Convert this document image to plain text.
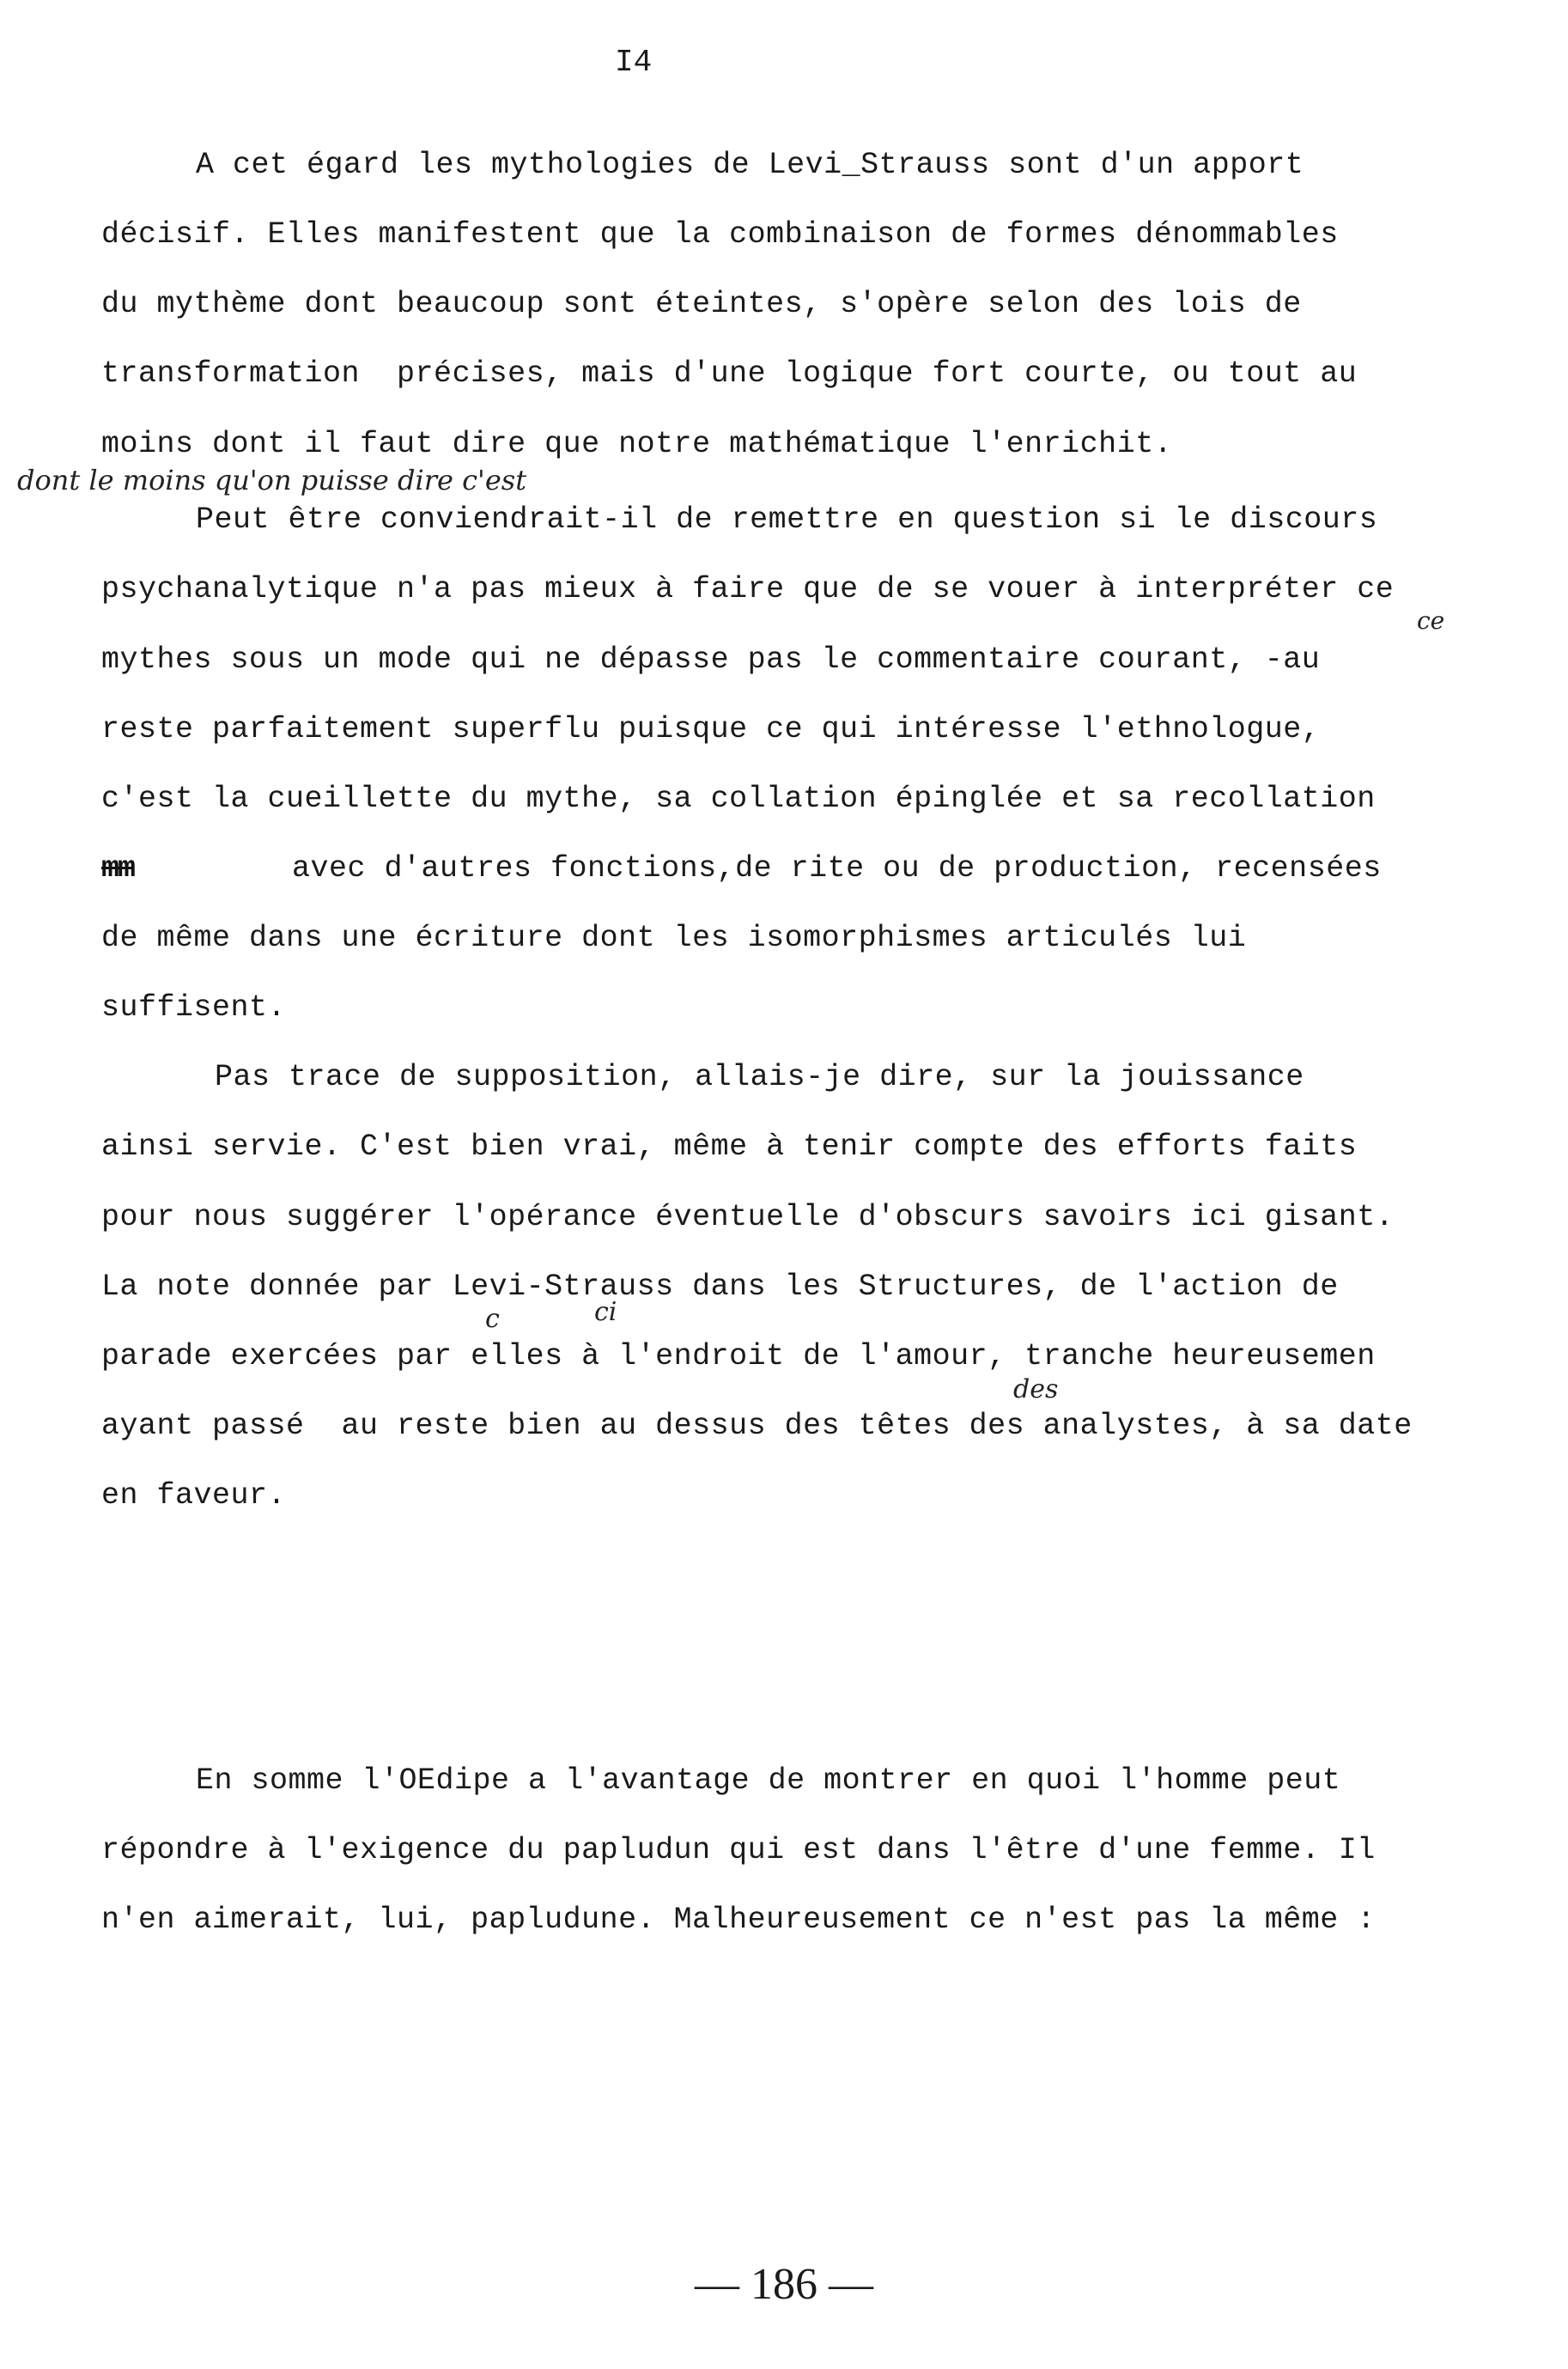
I4
A cet égard les mythologies de Levi_Strauss sont d'un apport
décisif. Elles manifestent que la combinaison de formes dénommables
du mythème dont beaucoup sont éteintes, s'opère selon des lois de
transformation  précises, mais d'une logique fort courte, ou tout au
moins dont il faut dire que notre mathématique l'enrichit.
dont le moins qu'on puisse dire c'est
Peut être conviendrait-il de remettre en question si le discours
psychanalytique n'a pas mieux à faire que de se vouer à interpréter ce
ce
mythes sous un mode qui ne dépasse pas le commentaire courant, -au
reste parfaitement superflu puisque ce qui intéresse l'ethnologue,
c'est la cueillette du mythe, sa collation épinglée et sa recollation
mm	avec d'autres fonctions,de rite ou de production, recensées
de même dans une écriture dont les isomorphismes articulés lui
suffisent.
Pas trace de supposition, allais-je dire, sur la jouissance
ainsi servie. C'est bien vrai, même à tenir compte des efforts faits
pour nous suggérer l'opérance éventuelle d'obscurs savoirs ici gisant.
La note donnée par Levi-Strauss dans les Structures, de l'action de
c	ci
parade exercées par elles à l'endroit de l'amour, tranche heureusemen
des
ayant passé  au reste bien au dessus des têtes des analystes, à sa date
en faveur.
En somme l'OEdipe a l'avantage de montrer en quoi l'homme peut
répondre à l'exigence du papludun qui est dans l'être d'une femme. Il
n'en aimerait, lui, papludune. Malheureusement ce n'est pas la même :
— 186 —
